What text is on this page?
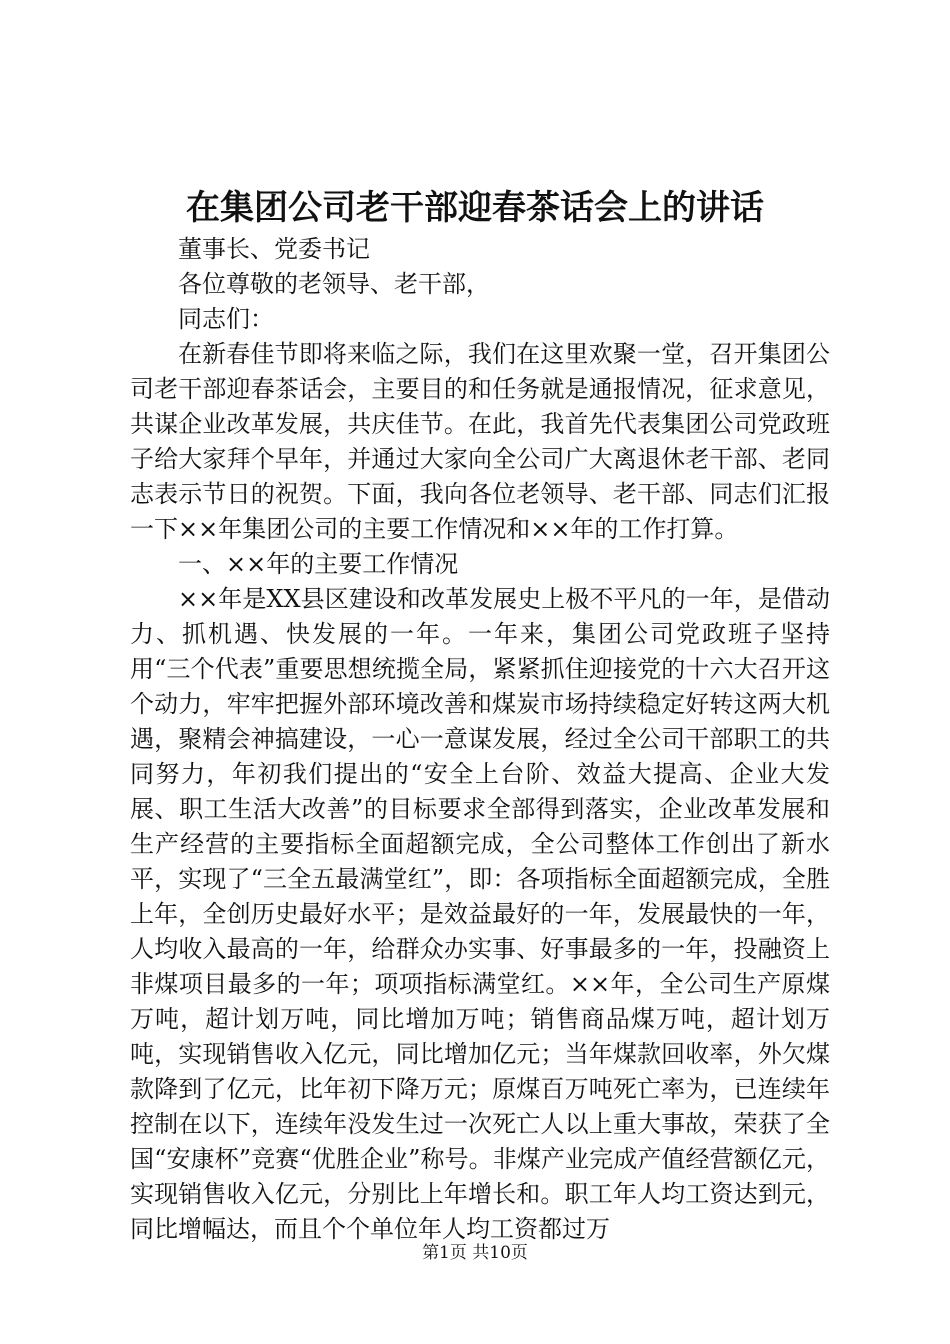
在集团公司老干部迎春茶话会上的讲话
董事长、党委书记
各位尊敬的老领导、老干部，
同志们：

在新春佳节即将来临之际，我们在这里欢聚一堂，召开集团公司老干部迎春茶话会，主要目的和任务就是通报情况，征求意见，共谋企业改革发展，共庆佳节。在此，我首先代表集团公司党政班子给大家拜个早年，并通过大家向全公司广大离退休老干部、老同志表示节日的祝贺。下面，我向各位老领导、老干部、同志们汇报一下××年集团公司的主要工作情况和××年的工作打算。

一、××年的主要工作情况

××年是XX县区建设和改革发展史上极不平凡的一年，是借动力、抓机遇、快发展的一年。一年来，集团公司党政班子坚持用“三个代表”重要思想统揽全局，紧紧抓住迎接党的十六大召开这个动力，牢牢把握外部环境改善和煤炭市场持续稳定好转这两大机遇，聚精会神搞建设，一心一意谋发展，经过全公司干部职工的共同努力，年初我们提出的“安全上台阶、效益大提高、企业大发展、职工生活大改善”的目标要求全部得到落实，企业改革发展和生产经营的主要指标全面超额完成，全公司整体工作创出了新水平，实现了“三全五最满堂红”，即：各项指标全面超额完成，全胜上年，全创历史最好水平；是效益最好的一年，发展最快的一年，人均收入最高的一年，给群众办实事、好事最多的一年，投融资上非煤项目最多的一年；项项指标满堂红。××年，全公司生产原煤万吨，超计划万吨，同比增加万吨；销售商品煤万吨，超计划万吨，实现销售收入亿元，同比增加亿元；当年煤款回收率，外欠煤款降到了亿元，比年初下降万元；原煤百万吨死亡率为，已连续年控制在以下，连续年没发生过一次死亡人以上重大事故，荣获了全国“安康杯”竞赛“优胜企业”称号。非煤产业完成产值经营额亿元，实现销售收入亿元，分别比上年增长和。职工年人均工资达到元，同比增幅达，而且个个单位年人均工资都过万

第1页 共10页
